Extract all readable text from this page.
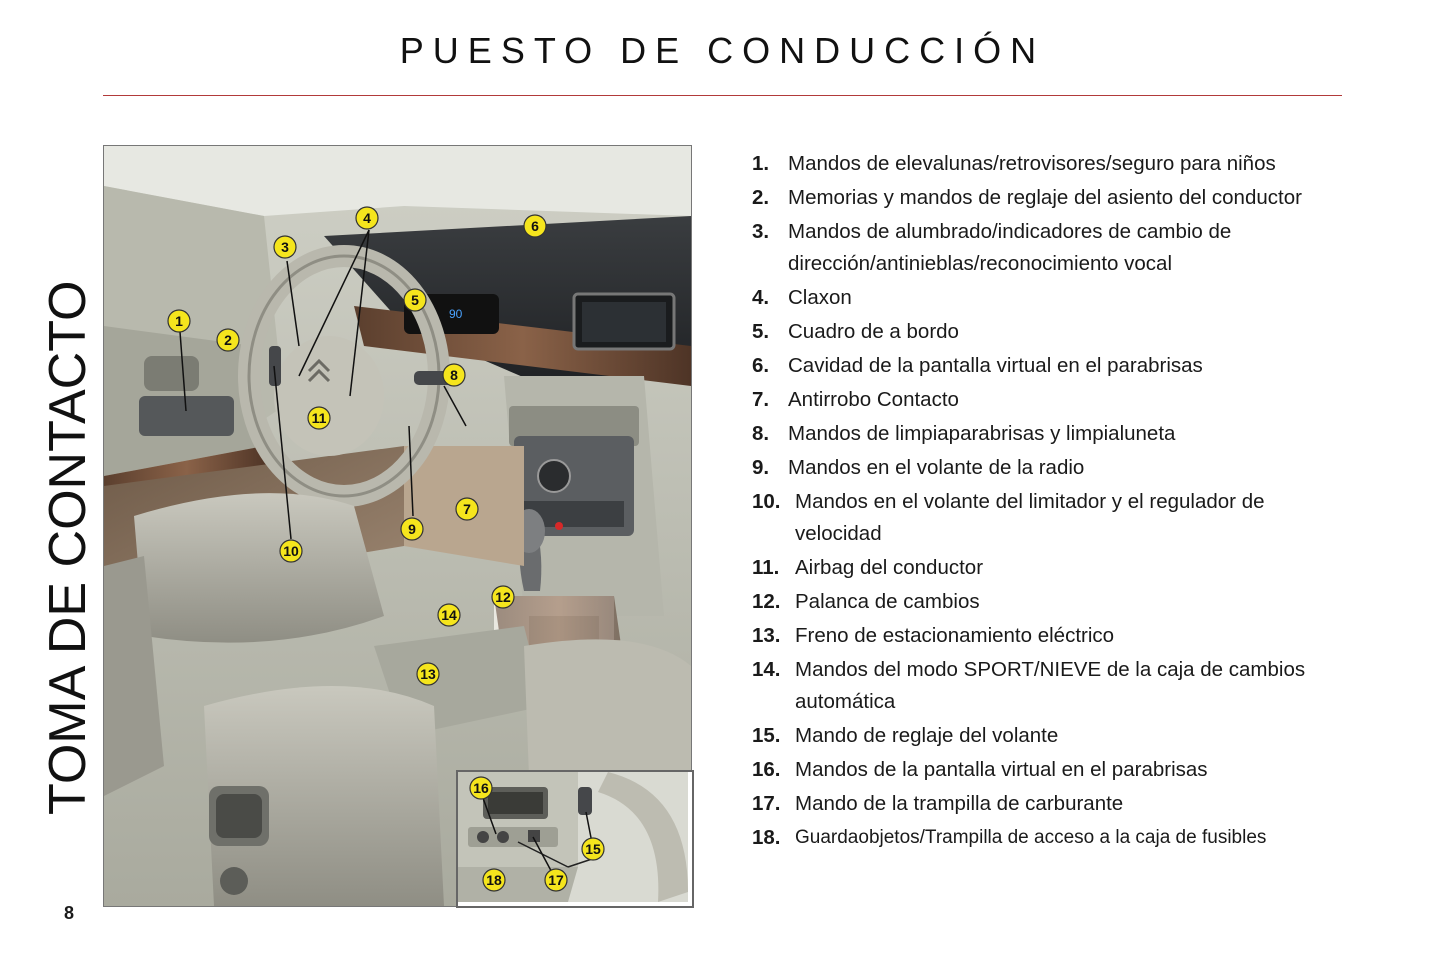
PUESTO DE CONDUCCIÓN
TOMA DE CONTACTO
8
90
1
2
3
4
5
6
7
8
9
10
11
12
13
14
15
16
17
18
1. Mandos de elevalunas/retrovisores/seguro para niños
2. Memorias y mandos de reglaje del asiento del conductor
3. Mandos de alumbrado/indicadores de cambio de dirección/antinieblas/reconocimiento vocal
4. Claxon
5. Cuadro de a bordo
6. Cavidad de la pantalla virtual en el parabrisas
7. Antirrobo Contacto
8. Mandos de limpiaparabrisas y limpialuneta
9. Mandos en el volante de la radio
10. Mandos en el volante del limitador y el regulador de velocidad
11. Airbag del conductor
12. Palanca de cambios
13. Freno de estacionamiento eléctrico
14. Mandos del modo SPORT/NIEVE de la caja de cambios automática
15. Mando de reglaje del volante
16. Mandos de la pantalla virtual en el parabrisas
17. Mando de la trampilla de carburante
18. Guardaobjetos/Trampilla de acceso a la caja de fusibles
